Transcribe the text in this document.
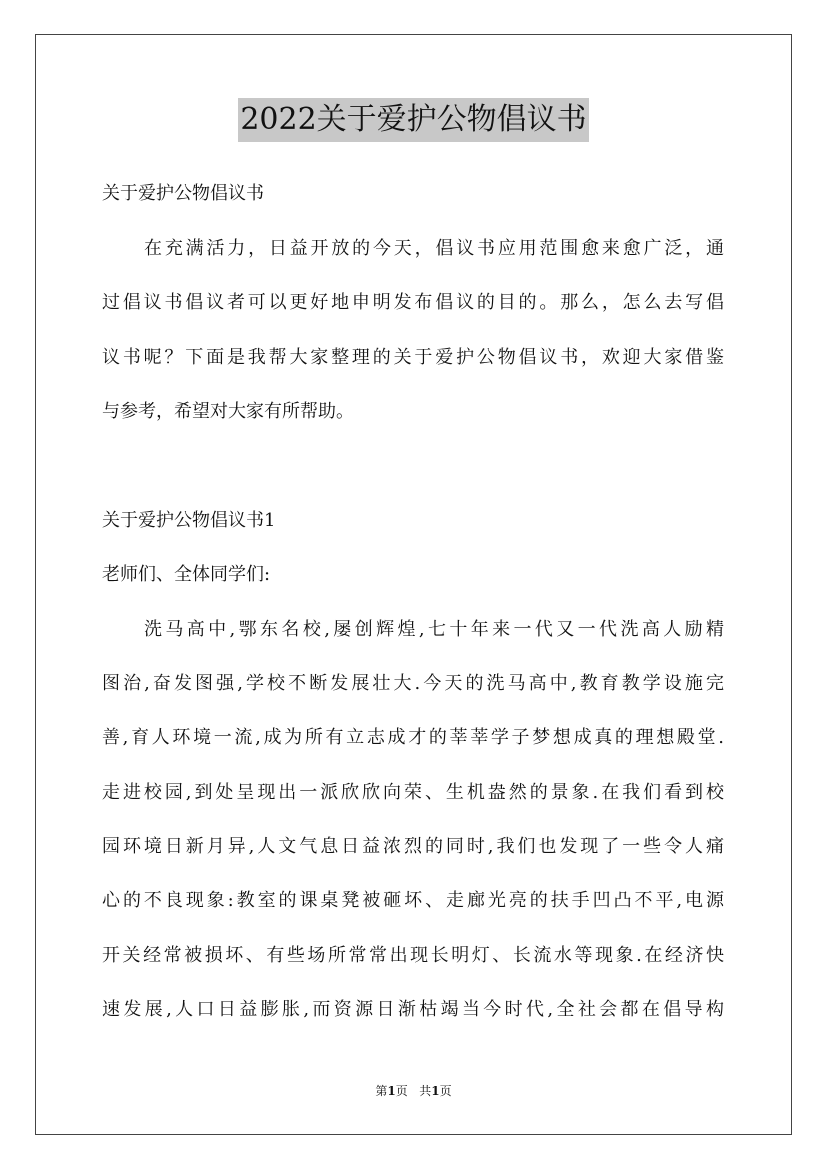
2022关于爱护公物倡议书
关于爱护公物倡议书
在充满活力，日益开放的今天，倡议书应用范围愈来愈广泛，通
过倡议书倡议者可以更好地申明发布倡议的目的。那么，怎么去写倡
议书呢？下面是我帮大家整理的关于爱护公物倡议书，欢迎大家借鉴
与参考，希望对大家有所帮助。
关于爱护公物倡议书1
老师们、全体同学们:
洗马高中,鄂东名校,屡创辉煌,七十年来一代又一代洗高人励精
图治,奋发图强,学校不断发展壮大.今天的洗马高中,教育教学设施完
善,育人环境一流,成为所有立志成才的莘莘学子梦想成真的理想殿堂.
走进校园,到处呈现出一派欣欣向荣、生机盎然的景象.在我们看到校
园环境日新月异,人文气息日益浓烈的同时,我们也发现了一些令人痛
心的不良现象:教室的课桌凳被砸坏、走廊光亮的扶手凹凸不平,电源
开关经常被损坏、有些场所常常出现长明灯、长流水等现象.在经济快
速发展,人口日益膨胀,而资源日渐枯竭当今时代,全社会都在倡导构
第1页 共1页
